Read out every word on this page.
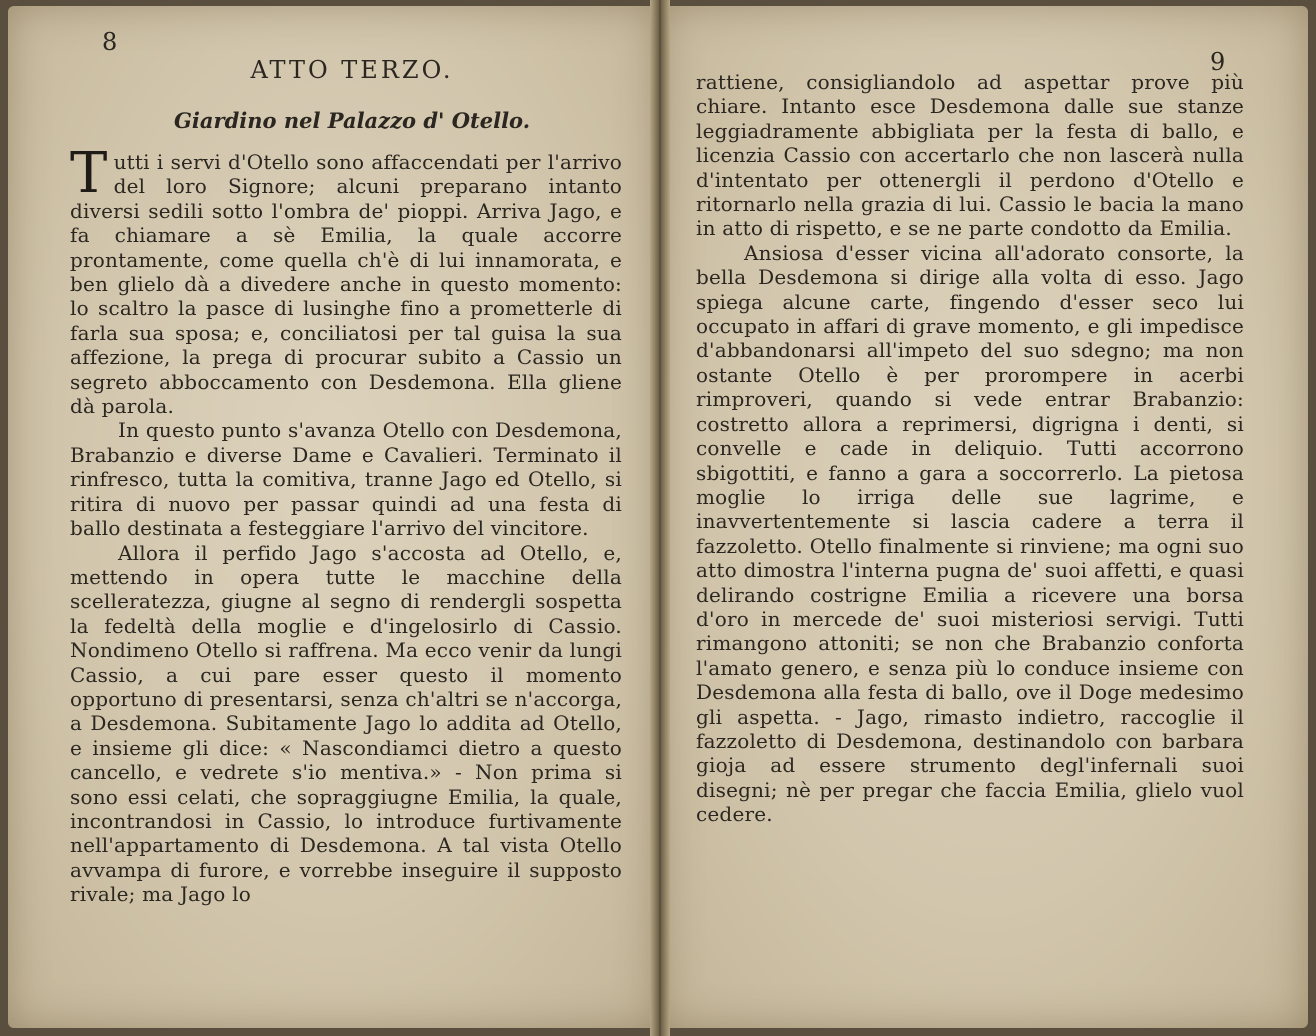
8
ATTO TERZO.
Giardino nel Palazzo d' Otello.

Tutti i servi d'Otello sono affaccendati per l'arrivo del loro Signore; alcuni preparano intanto diversi sedili sotto l'ombra de' pioppi. Arriva Jago, e fa chiamare a sè Emilia, la quale accorre prontamente, come quella ch'è di lui innamorata, e ben glielo dà a divedere anche in questo momento: lo scaltro la pasce di lusinghe fino a prometterle di farla sua sposa; e, conciliatosi per tal guisa la sua affezione, la prega di procurar subito a Cassio un segreto abboccamento con Desdemona. Ella gliene dà parola.

In questo punto s'avanza Otello con Desdemona, Brabanzio e diverse Dame e Cavalieri. Terminato il rinfresco, tutta la comitiva, tranne Jago ed Otello, si ritira di nuovo per passar quindi ad una festa di ballo destinata a festeggiare l'arrivo del vincitore.

Allora il perfido Jago s'accosta ad Otello, e, mettendo in opera tutte le macchine della scelleratezza, giugne al segno di rendergli sospetta la fedeltà della moglie e d'ingelosirlo di Cassio. Nondimeno Otello si raffrena. Ma ecco venir da lungi Cassio, a cui pare esser questo il momento opportuno di presentarsi, senza ch'altri se n'accorga, a Desdemona. Subitamente Jago lo addita ad Otello, e insieme gli dice: « Nascondiamci dietro a questo cancello, e vedrete s'io mentiva.» - Non prima si sono essi celati, che sopraggiugne Emilia, la quale, incontrandosi in Cassio, lo introduce furtivamente nell'appartamento di Desdemona. A tal vista Otello avvampa di furore, e vorrebbe inseguire il supposto rivale; ma Jago lo

9

rattiene, consigliandolo ad aspettar prove più chiare. Intanto esce Desdemona dalle sue stanze leggiadramente abbigliata per la festa di ballo, e licenzia Cassio con accertarlo che non lascerà nulla d'intentato per ottenergli il perdono d'Otello e ritornarlo nella grazia di lui. Cassio le bacia la mano in atto di rispetto, e se ne parte condotto da Emilia.

Ansiosa d'esser vicina all'adorato consorte, la bella Desdemona si dirige alla volta di esso. Jago spiega alcune carte, fingendo d'esser seco lui occupato in affari di grave momento, e gli impedisce d'abbandonarsi all'impeto del suo sdegno; ma non ostante Otello è per prorompere in acerbi rimproveri, quando si vede entrar Brabanzio: costretto allora a reprimersi, digrigna i denti, si convelle e cade in deliquio. Tutti accorrono sbigottiti, e fanno a gara a soccorrerlo. La pietosa moglie lo irriga delle sue lagrime, e inavvertentemente si lascia cadere a terra il fazzoletto. Otello finalmente si rinviene; ma ogni suo atto dimostra l'interna pugna de' suoi affetti, e quasi delirando costrigne Emilia a ricevere una borsa d'oro in mercede de' suoi misteriosi servigi. Tutti rimangono attoniti; se non che Brabanzio conforta l'amato genero, e senza più lo conduce insieme con Desdemona alla festa di ballo, ove il Doge medesimo gli aspetta. - Jago, rimasto indietro, raccoglie il fazzoletto di Desdemona, destinandolo con barbara gioja ad essere strumento degl'infernali suoi disegni; nè per pregar che faccia Emilia, glielo vuol cedere.
